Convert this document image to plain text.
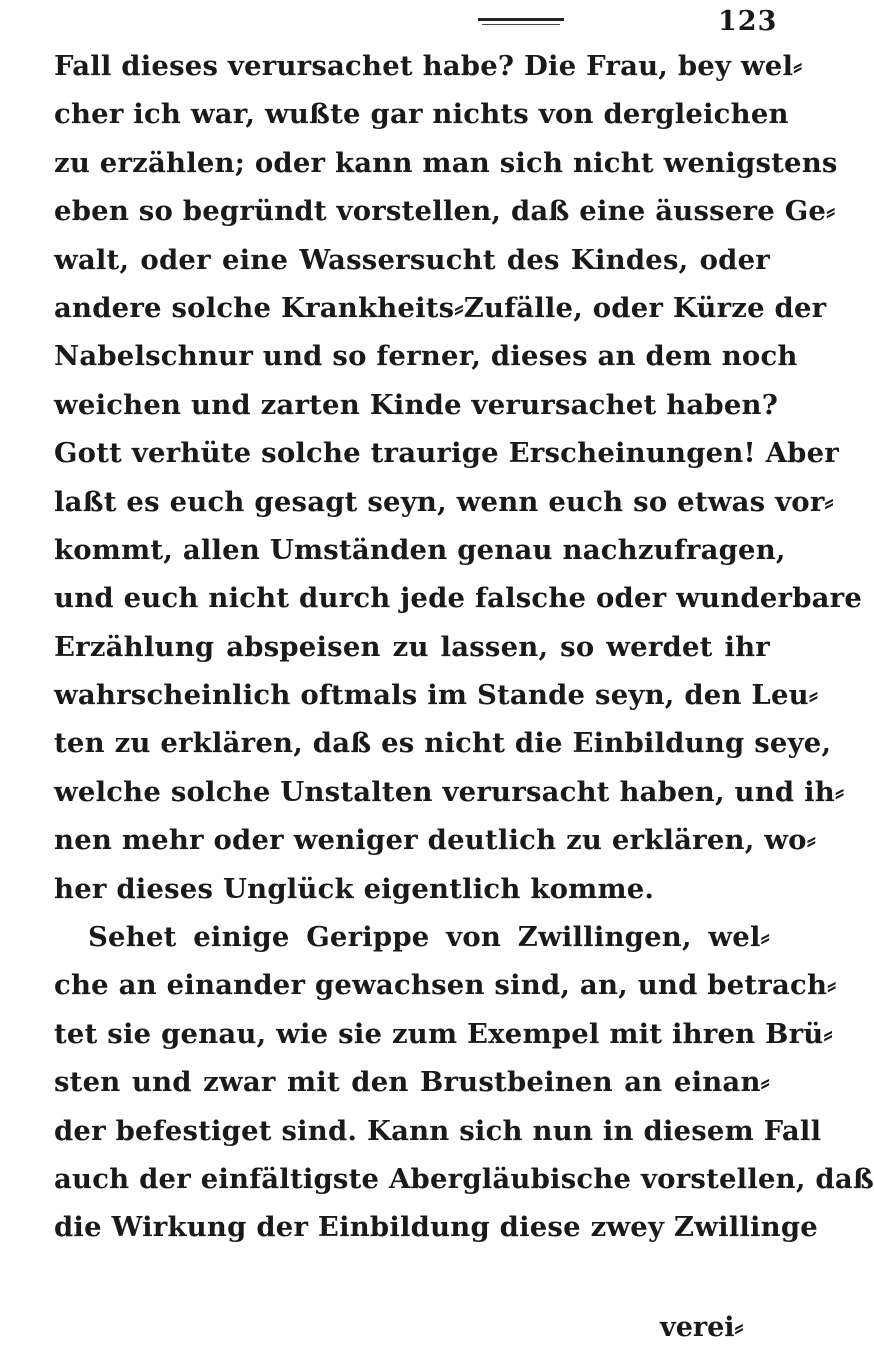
123
Fall dieses verursachet habe? Die Frau, bey wel⸗
cher ich war, wußte gar nichts von dergleichen
zu erzählen; oder kann man sich nicht wenigstens
eben so begründt vorstellen, daß eine äussere Ge⸗
walt, oder eine Wassersucht des Kindes, oder
andere solche Krankheits⸗Zufälle, oder Kürze der
Nabelschnur und so ferner, dieses an dem noch
weichen und zarten Kinde verursachet haben?
Gott verhüte solche traurige Erscheinungen! Aber
laßt es euch gesagt seyn, wenn euch so etwas vor⸗
kommt, allen Umständen genau nachzufragen,
und euch nicht durch jede falsche oder wunderbare
Erzählung abspeisen zu lassen, so werdet ihr
wahrscheinlich oftmals im Stande seyn, den Leu⸗
ten zu erklären, daß es nicht die Einbildung seye,
welche solche Unstalten verursacht haben, und ih⸗
nen mehr oder weniger deutlich zu erklären, wo⸗
her dieses Unglück eigentlich komme.
Sehet einige Gerippe von Zwillingen, wel⸗
che an einander gewachsen sind, an, und betrach⸗
tet sie genau, wie sie zum Exempel mit ihren Brü⸗
sten und zwar mit den Brustbeinen an einan⸗
der befestiget sind. Kann sich nun in diesem Fall
auch der einfältigste Abergläubische vorstellen, daß
die Wirkung der Einbildung diese zwey Zwillinge
verei⸗
